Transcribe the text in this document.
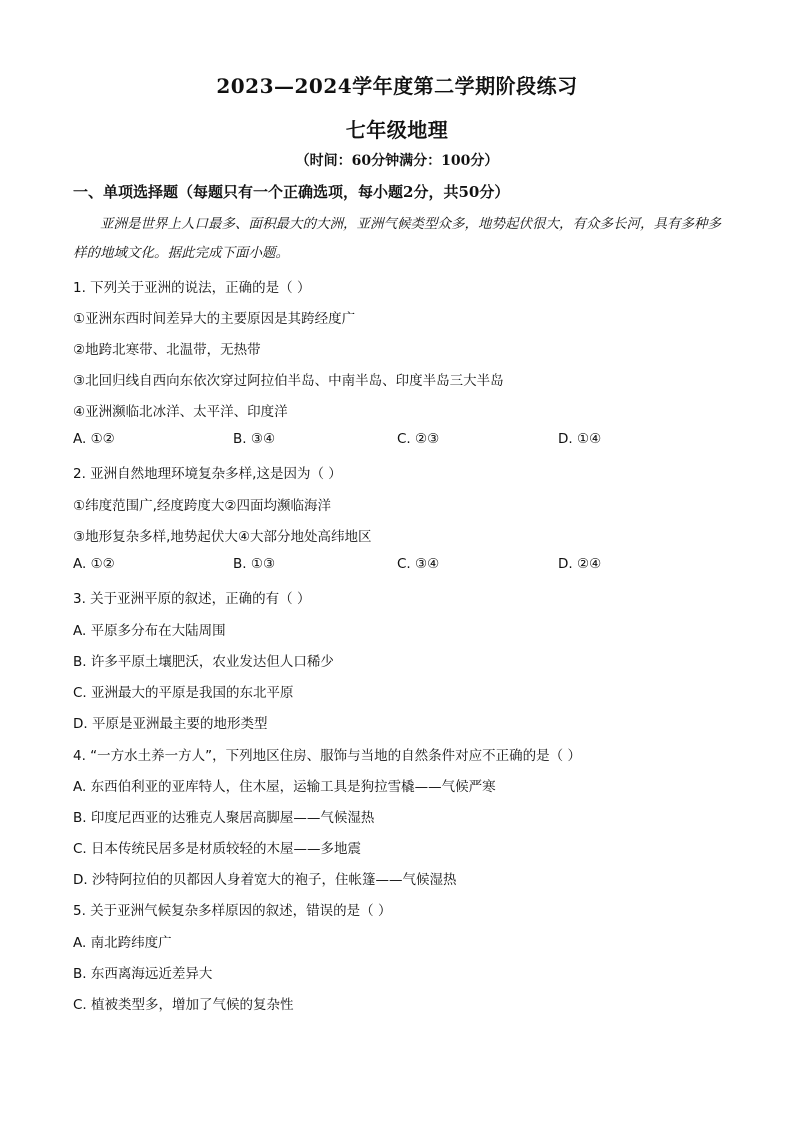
2023—2024学年度第二学期阶段练习
七年级地理
（时间：60分钟满分：100分）
一、单项选择题（每题只有一个正确选项，每小题2分，共50分）
亚洲是世界上人口最多、面积最大的大洲，亚洲气候类型众多，地势起伏很大，有众多长河，具有多种多样的地域文化。据此完成下面小题。
1. 下列关于亚洲的说法，正确的是（ ）
①亚洲东西时间差异大的主要原因是其跨经度广
②地跨北寒带、北温带，无热带
③北回归线自西向东依次穿过阿拉伯半岛、中南半岛、印度半岛三大半岛
④亚洲濒临北冰洋、太平洋、印度洋
A. ①②	B. ③④	C. ②③	D. ①④
2. 亚洲自然地理环境复杂多样,这是因为（ ）
①纬度范围广,经度跨度大②四面均濒临海洋
③地形复杂多样,地势起伏大④大部分地处高纬地区
A. ①②	B. ①③	C. ③④	D. ②④
3. 关于亚洲平原的叙述，正确的有（ ）
A. 平原多分布在大陆周围
B. 许多平原土壤肥沃，农业发达但人口稀少
C. 亚洲最大的平原是我国的东北平原
D. 平原是亚洲最主要的地形类型
4. “一方水土养一方人”，下列地区住房、服饰与当地的自然条件对应不正确的是（ ）
A. 东西伯利亚的亚库特人，住木屋，运输工具是狗拉雪橇——气候严寒
B. 印度尼西亚的达雅克人聚居高脚屋——气候湿热
C. 日本传统民居多是材质较轻的木屋——多地震
D. 沙特阿拉伯的贝都因人身着宽大的袍子，住帐篷——气候湿热
5. 关于亚洲气候复杂多样原因的叙述，错误的是（ ）
A. 南北跨纬度广
B. 东西离海远近差异大
C. 植被类型多，增加了气候的复杂性
